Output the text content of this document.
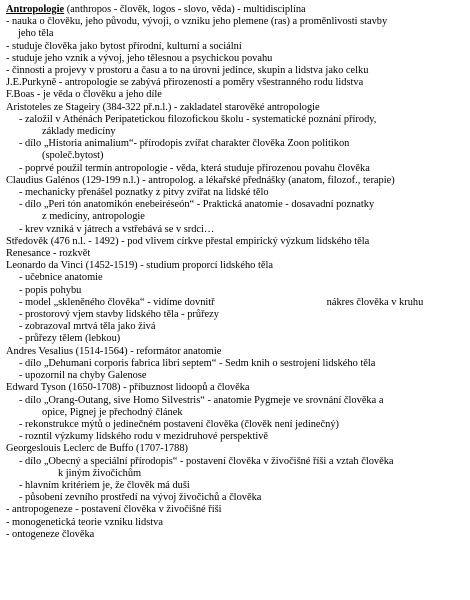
Antropologie (anthropos - člověk, logos - slovo, věda) - multidisciplína

- nauka o člověku, jeho původu, vývoji, o vzniku jeho plemene (ras) a proměnlivosti stavby

jeho těla

- studuje člověka jako bytost přírodní, kulturní a sociální

- studuje jeho vznik a vývoj, jeho tělesnou a psychickou povahu

- činnosti a projevy v prostoru a času a to na úrovni jedince, skupin a lidstva jako celku

J.E.Purkyně - antropologie se zabývá přirozeností a poměry všestranného rodu lidstva

F.Boas - je věda o člověku a jeho díle

Aristoteles ze Stageiry (384-322 př.n.l.) - zakladatel starověké antropologie

- založil v Athénách Peripatetickou filozofickou školu - systematické poznání přírody,

základy medicíny

- dílo „Historia animalium“- přírodopis zvířat charakter člověka Zoon politikon

(společ.bytost)

- poprvé použil termín antropologie - věda, která studuje přirozenou povahu člověka

Claudius Galénos (129-199 n.l.) - antropolog. a lékařské přednášky (anatom, filozof., terapie)

- mechanicky přenášel poznatky z pitvy zvířat na lidské tělo

- dílo „Peri tón anatomikón enebeiréseón“ - Praktická anatomie - dosavadní poznatky

z medicíny, antropologie

- krev vzniká v játrech a vstřebává se v srdci…

Středověk (476 n.l. - 1492) - pod vlivem církve přestal empirický výzkum lidského těla

Renesance - rozkvět

Leonardo da Vinci (1452-1519) - studium proporcí lidského těla

- učebnice anatomie

- popis pohybu

- model „skleněného člověka“ - vidíme dovnitř	nákres člověka v kruhu

- prostorový vjem stavby lidského těla - průřezy

- zobrazoval mrtvá těla jako živá

- průřezy tělem (lebkou)

Andres Vesalius (1514-1564) - reformátor anatomie

- dílo „Dehumani corporis fabrica libri septem“ - Sedm knih o sestrojení lidského těla

- upozornil na chyby Galenose

Edward Tyson (1650-1708) - příbuznost lidoopů a člověka

- dílo „Orang-Outang, sive Homo Silvestris“ - anatomie Pygmeje ve srovnání člověka a

opice, Pignej je přechodný článek

- rekonstrukce mýtů o jedinečném postavení člověka (člověk není jedinečný)

- rozntil výzkumy lidského rodu v mezidruhové perspektivě

Georgeslouis Leclerc de Buffo (1707-1788)

- dílo „Obecný a speciální přírodopis“ - postavení člověka v živočišné říši a vztah člověka

k jiným živočichům

- hlavním kritériem je, že člověk má duši

- působení zevního prostředí na vývoj živočichů a člověka

- antropogeneze - postavení člověka v živočišné říši

- monogenetická teorie vzniku lidstva

- ontogeneze člověka
